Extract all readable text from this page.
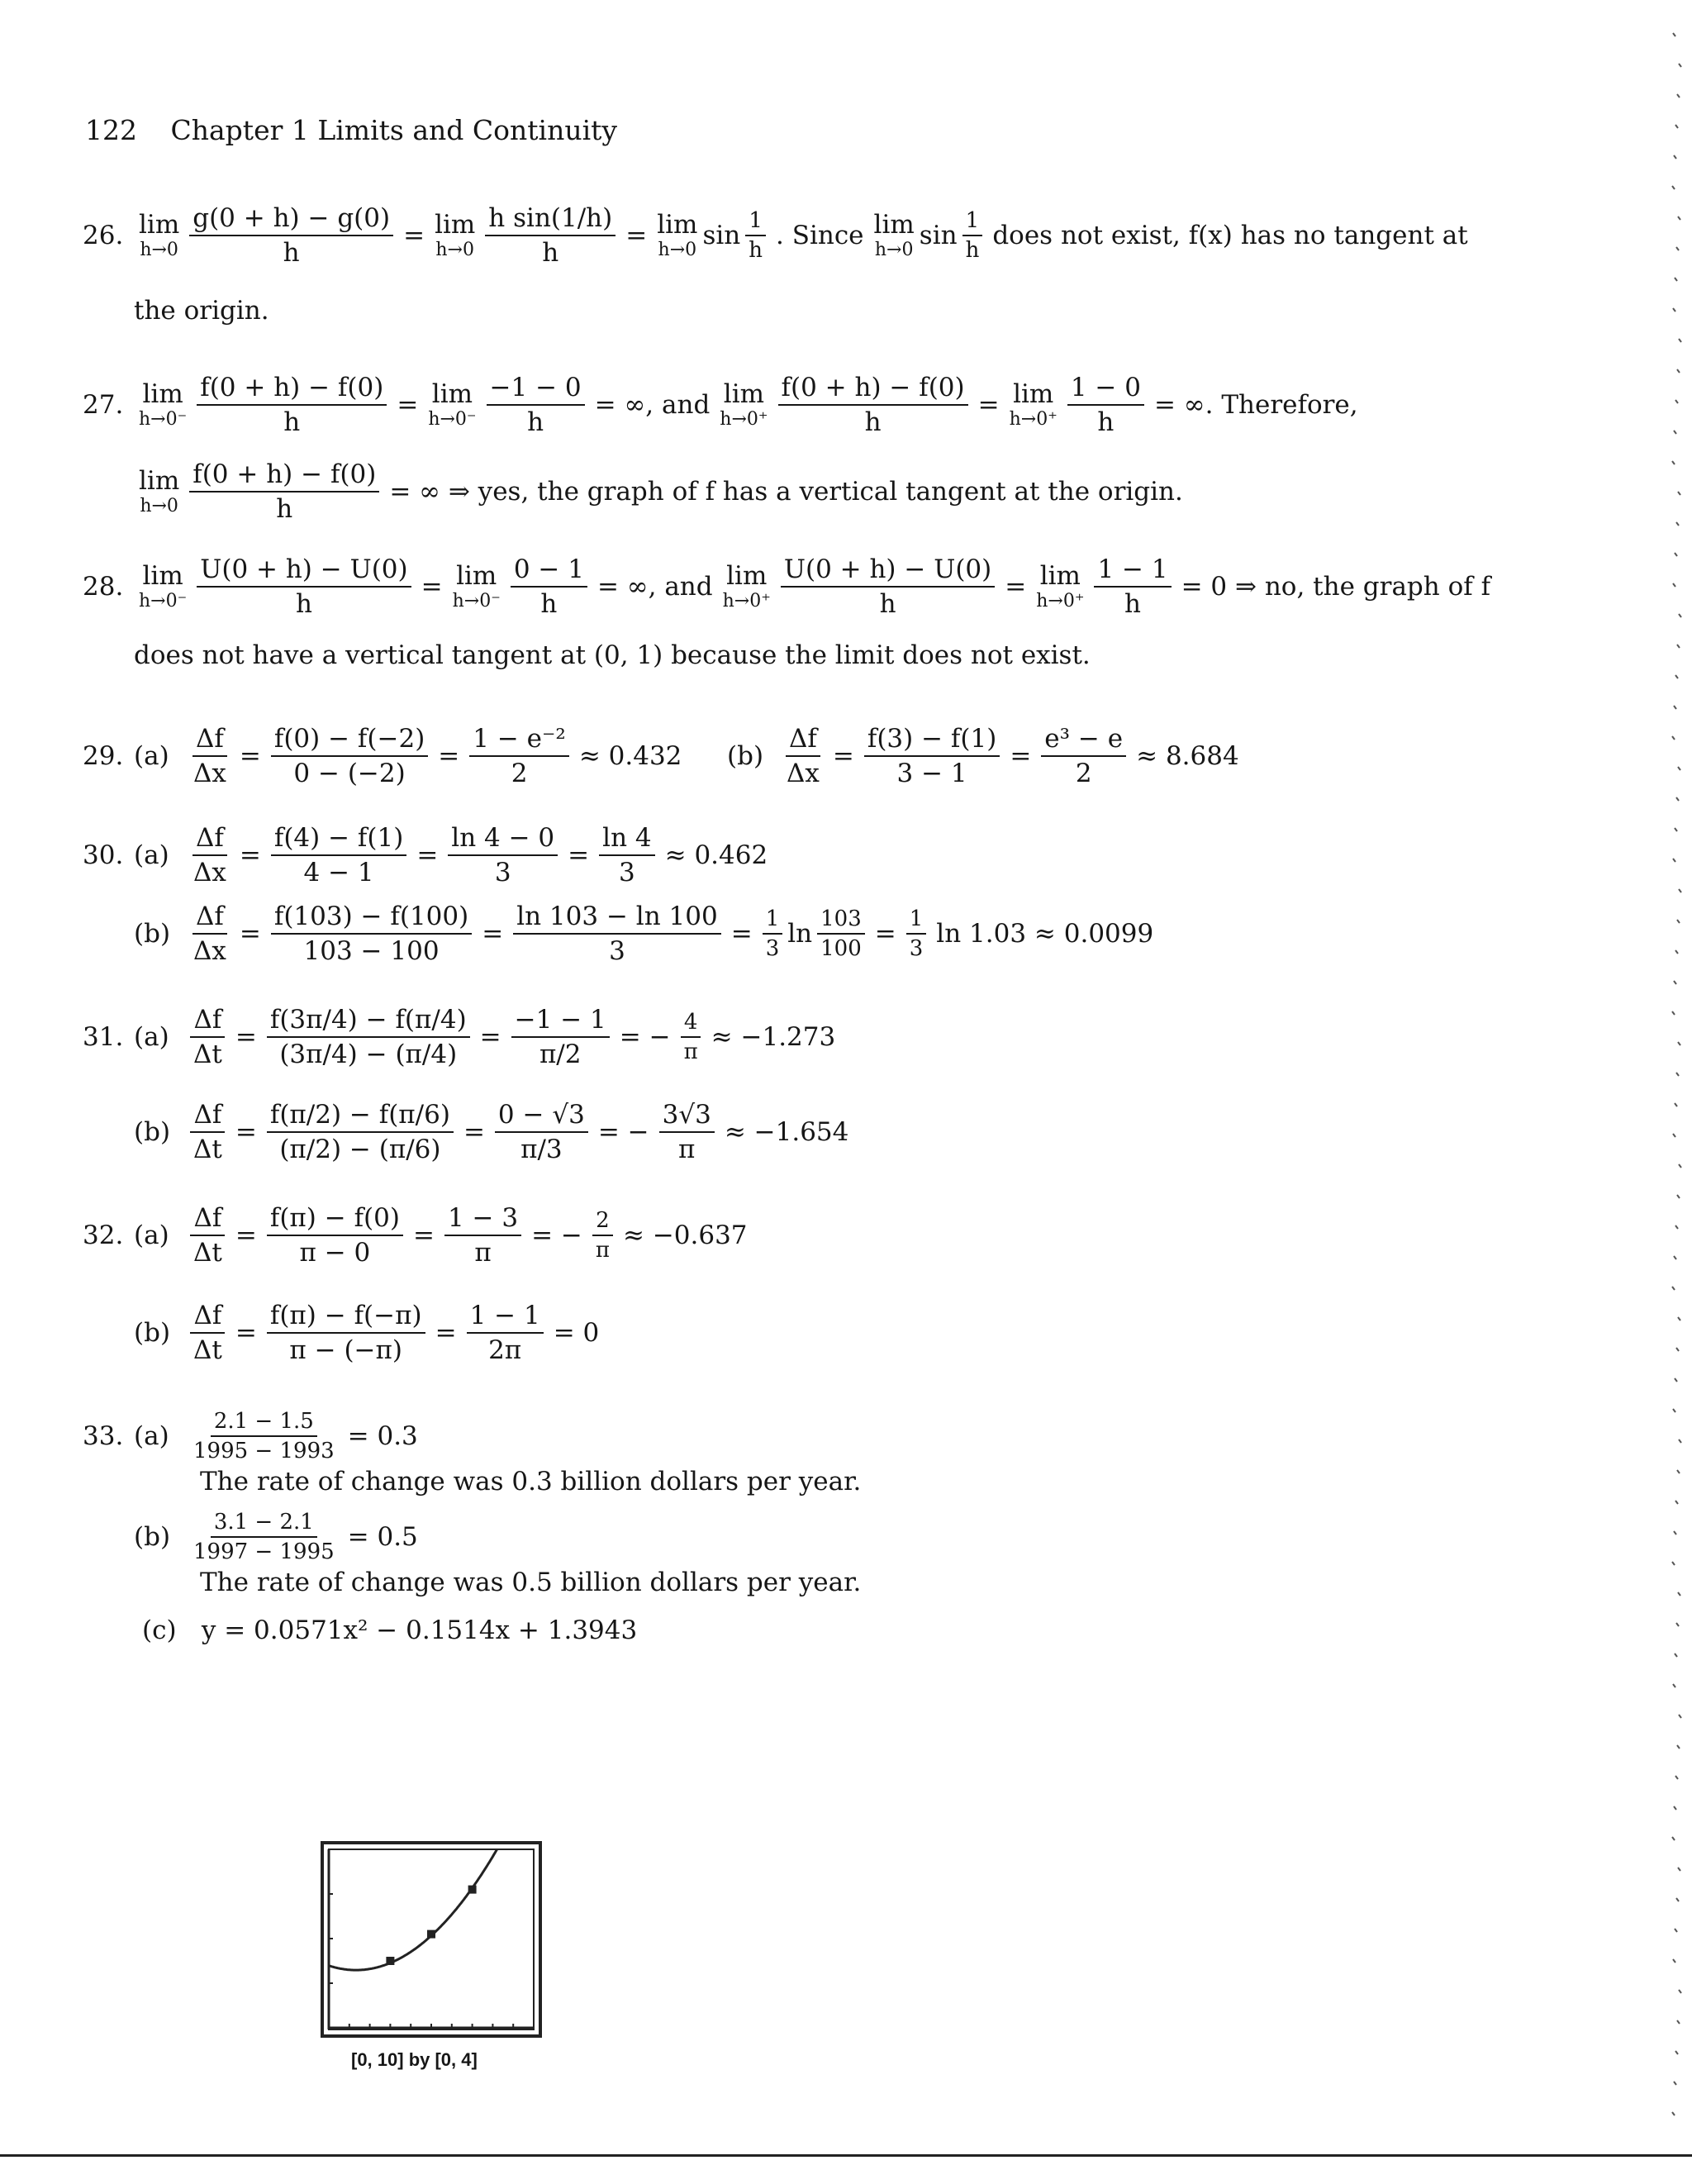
122 Chapter 1 Limits and Continuity
26. lim
$h\to 0 \frac{g(0 + h) - g(0)}{h} = \lim$
$h\to 0 \frac{\text{h sin(1/h)}}{h} = \lim$
h→0 $\sin \frac{1}{h}$ . Since lim
h→0 $\sin \frac{1}{h}$ does not exist, f(x) has no tangent at
the origin.
27. lim
$h\to 0^- \frac{f(0 + h) - f(0)}{h} = \lim$
$h\to 0^- \frac{-1 - 0}{h}$ = ∞, and lim
$h\to 0^+ \frac{f(0 + h) - f(0)}{h} = \lim$
$h\to 0^+ \frac{1 - 0}{h}$ = ∞. Therefore,
lim
$h\to 0 \frac{f(0 + h) - f(0)}{h}$ = ∞ ⇒ yes, the graph of f has a vertical tangent at the origin.
28. lim
$h\to 0^- \frac{U(0 + h) - U(0)}{h} = \lim$
$h\to 0^- \frac{0 - 1}{h}$ = ∞, and lim
$h\to 0^+ \frac{U(0 + h) - U(0)}{h} = \lim$
$h\to 0^+ \frac{1 - 1}{h} = 0$ ⇒ no, the graph of f
does not have a vertical tangent at (0, 1) because the limit does not exist.
29. $(a) \frac{\Delta f}{\Delta x} = \frac{f(0) - f(-2)}{0 - (-2)} = \frac{\text{1 − e⁻²}}{2} \approx 0.432$ $(b) \frac{\Delta f}{\Delta x} = \frac{f(3) - f(1)}{3 - 1} = \frac{\text{e³ − e}}{2} \approx 8.684$
30. $(a) \frac{\Delta f}{\Delta x} = \frac{f(4) - f(1)}{4 - 1} = \frac{\ln 4 - 0}{3} = \frac{\ln 4}{3} \approx 0.462$
$(b) \frac{\Delta f}{\Delta x} = \frac{f(103) - f(100)}{103 - 100} = \frac{\ln 103 - \ln 100}{3} = \frac{1}{3}$ $\ln \frac{103}{100} = \frac{1}{3}$ ln 1.03 ≈ 0.0099
31. $(a) \frac{\Delta f}{\Delta t} = \frac{f(3\pi/4) - f(\pi/4)}{(3\pi/4) - (\pi/4)} = \frac{-1 - 1}{\pi/2}$ = − $\frac{4}{\pi} \approx -1.273$
$(b) \frac{\Delta f}{\Delta t} = \frac{f(\pi/2) - f(\pi/6)}{(\pi/2) - (\pi/6)} = \frac{0 - √3}{\pi/3}$ = − $\frac{3√3}{\pi} \approx -1.654$
32. $(a) \frac{\Delta f}{\Delta t} = \frac{f(\pi) - f(0)}{\pi - 0} = \frac{1 - 3}{\pi}$ = − $\frac{2}{\pi} \approx -0.637$
$(b) \frac{\Delta f}{\Delta t} = \frac{f(\pi) - f(-\pi)}{\pi - (-\pi)} = \frac{1 - 1}{2\pi} = 0$
33. $(a) \frac{2.1 - 1.5}{1995 - 1993} = 0.3$
The rate of change was 0.3 billion dollars per year.
$(b) \frac{3.1 - 2.1}{1997 - 1995} = 0.5$
The rate of change was 0.5 billion dollars per year.
(c) y = 0.0571x² − 0.1514x + 1.3943
[0, 10] by [0, 4]
